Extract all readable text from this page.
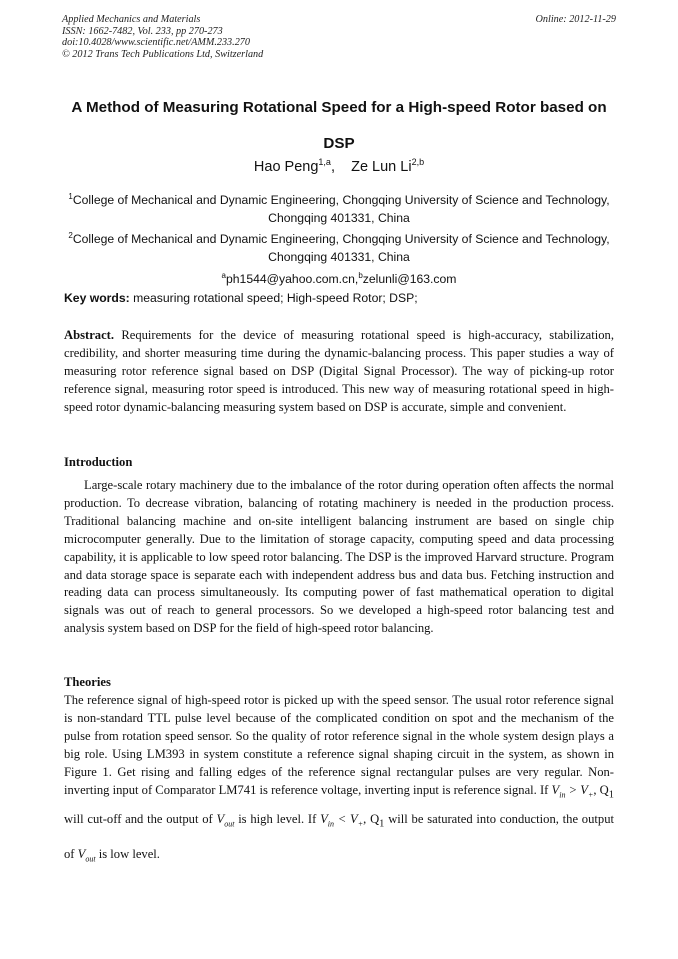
Applied Mechanics and Materials
ISSN: 1662-7482, Vol. 233, pp 270-273
doi:10.4028/www.scientific.net/AMM.233.270
© 2012 Trans Tech Publications Ltd, Switzerland
Online: 2012-11-29
A Method of Measuring Rotational Speed for a High-speed Rotor based on DSP
Hao Peng$^{1,a}$, Ze Lun Li$^{2,b}$
$^1$College of Mechanical and Dynamic Engineering, Chongqing University of Science and Technology, Chongqing 401331, China
$^2$College of Mechanical and Dynamic Engineering, Chongqing University of Science and Technology, Chongqing 401331, China
$^a$ph1544@yahoo.com.cn,$^b$zelunli@163.com
Key words: measuring rotational speed; High-speed Rotor; DSP;
Abstract. Requirements for the device of measuring rotational speed is high-accuracy, stabilization, credibility, and shorter measuring time during the dynamic-balancing process. This paper studies a way of measuring rotor reference signal based on DSP (Digital Signal Processor). The way of picking-up rotor reference signal, measuring rotor speed is introduced. This new way of measuring rotational speed in high-speed rotor dynamic-balancing measuring system based on DSP is accurate, simple and convenient.
Introduction
Large-scale rotary machinery due to the imbalance of the rotor during operation often affects the normal production. To decrease vibration, balancing of rotating machinery is needed in the production process. Traditional balancing machine and on-site intelligent balancing instrument are based on single chip microcomputer generally. Due to the limitation of storage capacity, computing speed and data processing capability, it is applicable to low speed rotor balancing. The DSP is the improved Harvard structure. Program and data storage space is separate each with independent address bus and data bus. Fetching instruction and reading data can process simultaneously. Its computing power of fast mathematical operation to digital signals was out of reach to general processors. So we developed a high-speed rotor balancing test and analysis system based on DSP for the field of high-speed rotor balancing.
Theories
The reference signal of high-speed rotor is picked up with the speed sensor. The usual rotor reference signal is non-standard TTL pulse level because of the complicated condition on spot and the mechanism of the pulse from rotation speed sensor. So the quality of rotor reference signal in the whole system design plays a big role. Using LM393 in system constitute a reference signal shaping circuit in the system, as shown in Figure 1. Get rising and falling edges of the reference signal rectangular pulses are very regular. Non-inverting input of Comparator LM741 is reference voltage, inverting input is reference signal. If $V_{in} > V_+$, $Q_1$ will cut-off and the output of $V_{out}$ is high level. If $V_{in} < V_+$, $Q_1$ will be saturated into conduction, the output of $V_{out}$ is low level.
